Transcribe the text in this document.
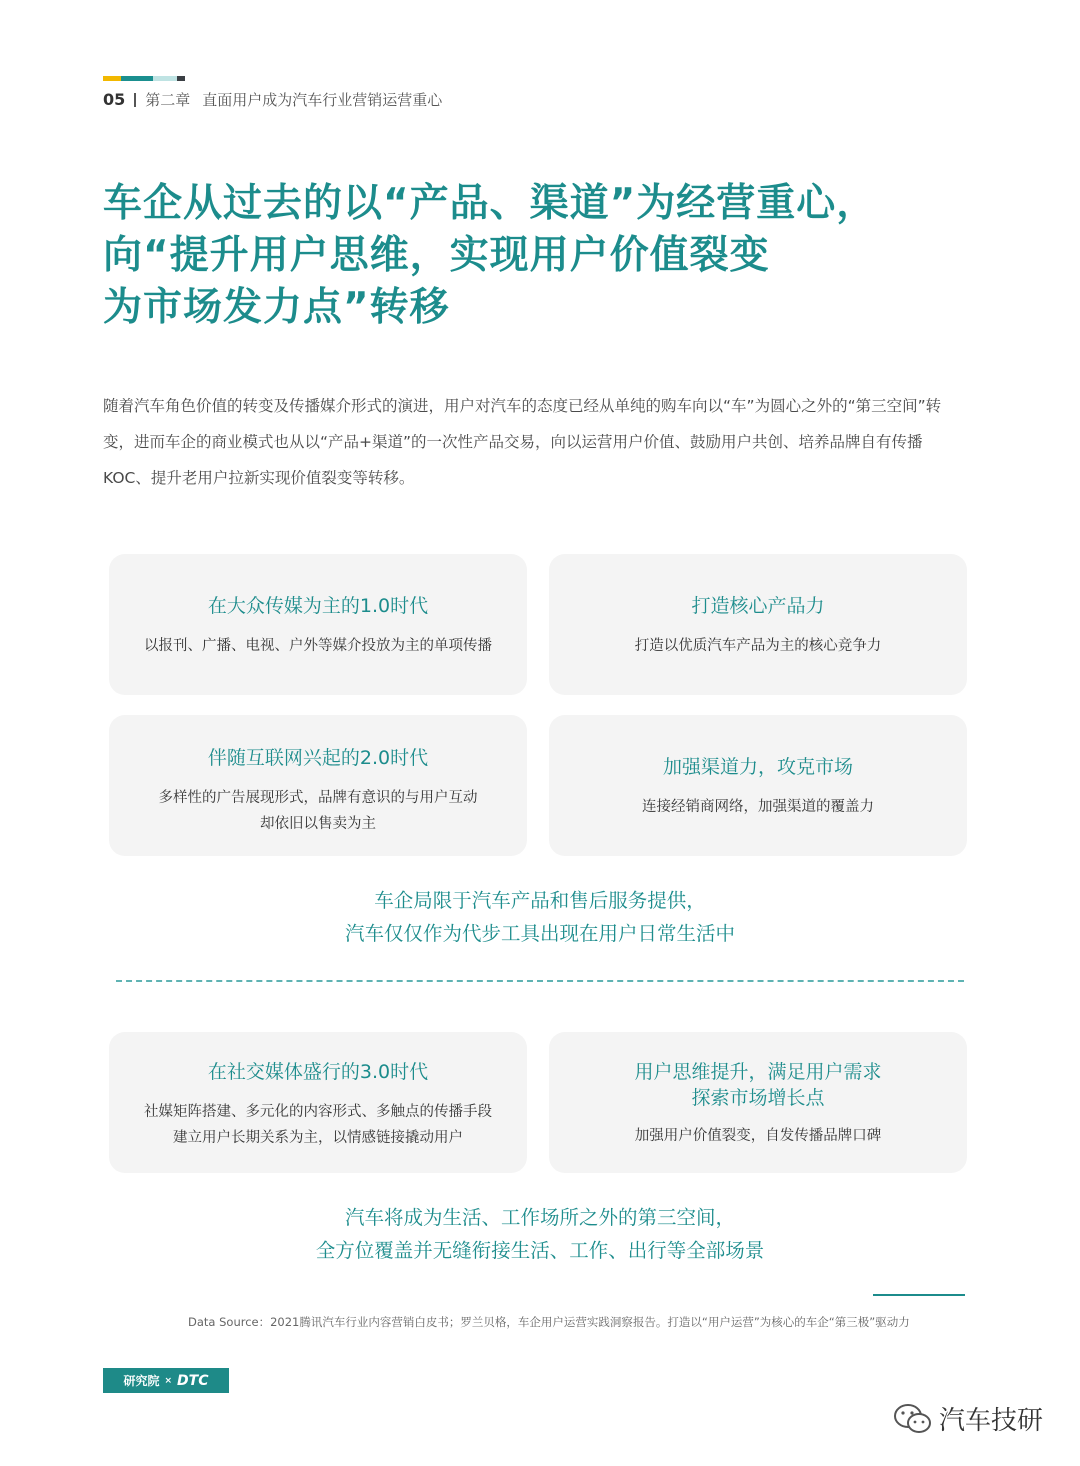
05 第二章 直面用户成为汽车行业营销运营重心
车企从过去的以“产品、渠道”为经营重心，
向“提升用户思维，实现用户价值裂变
为市场发力点”转移
随着汽车角色价值的转变及传播媒介形式的演进，用户对汽车的态度已经从单纯的购车向以“车”为圆心之外的“第三空间”转
变，进而车企的商业模式也从以“产品+渠道”的一次性产品交易，向以运营用户价值、鼓励用户共创、培养品牌自有传播
KOC、提升老用户拉新实现价值裂变等转移。
在大众传媒为主的1.0时代
以报刊、广播、电视、户外等媒介投放为主的单项传播
打造核心产品力
打造以优质汽车产品为主的核心竞争力
伴随互联网兴起的2.0时代
多样性的广告展现形式，品牌有意识的与用户互动
却依旧以售卖为主
加强渠道力，攻克市场
连接经销商网络，加强渠道的覆盖力
车企局限于汽车产品和售后服务提供，
汽车仅仅作为代步工具出现在用户日常生活中
在社交媒体盛行的3.0时代
社媒矩阵搭建、多元化的内容形式、多触点的传播手段
建立用户长期关系为主，以情感链接撬动用户
用户思维提升，满足用户需求
探索市场增长点
加强用户价值裂变，自发传播品牌口碑
汽车将成为生活、工作场所之外的第三空间，
全方位覆盖并无缝衔接生活、工作、出行等全部场景
Data Source：2021腾讯汽车行业内容营销白皮书；罗兰贝格，车企用户运营实践洞察报告。打造以“用户运营”为核心的车企“第三极”驱动力
研究院 × DTC
汽车技研
